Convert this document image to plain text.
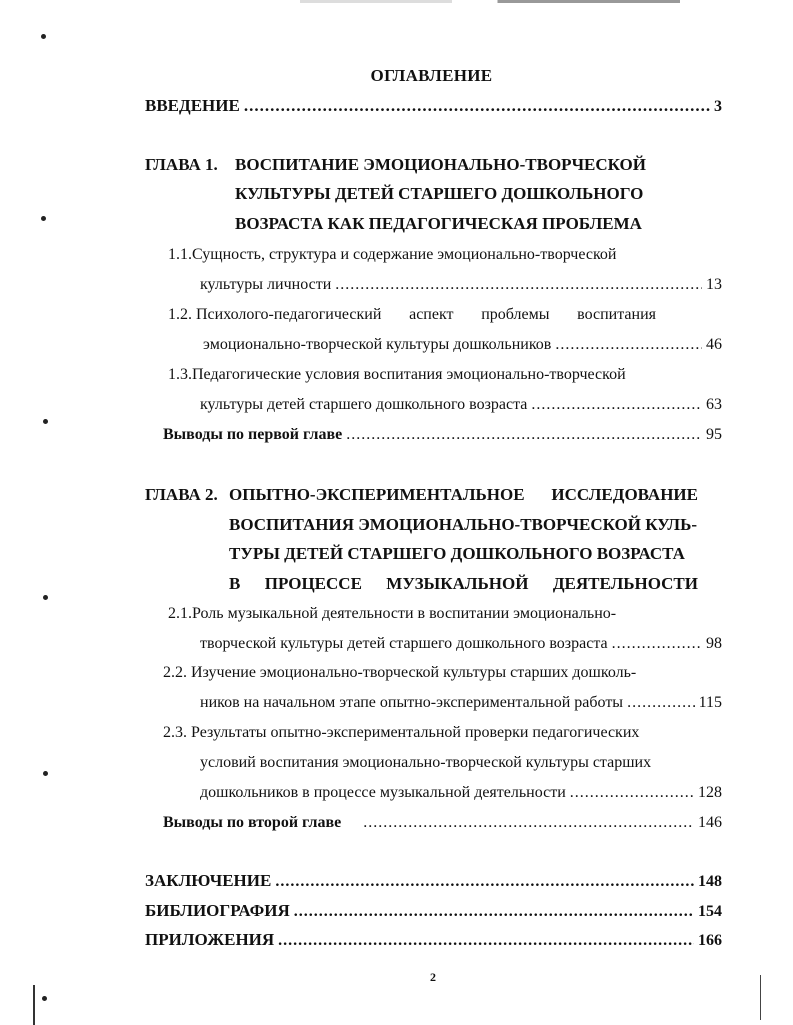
ОГЛАВЛЕНИЕ
ВВЕДЕНИЕ .....	3
ГЛАВА 1. ВОСПИТАНИЕ ЭМОЦИОНАЛЬНО-ТВОРЧЕСКОЙ
КУЛЬТУРЫ ДЕТЕЙ СТАРШЕГО ДОШКОЛЬНОГО
ВОЗРАСТА КАК ПЕДАГОГИЧЕСКАЯ ПРОБЛЕМА
1.1.Сущность, структура и содержание эмоционально-творческой
культуры личности .....	13
1.2. Психолого-педагогический аспект проблемы воспитания
эмоционально-творческой культуры дошкольников .....	46
1.3.Педагогические условия воспитания эмоционально-творческой
культуры детей старшего дошкольного возраста .....	63
Выводы по первой главе .....	95
ГЛАВА 2. ОПЫТНО-ЭКСПЕРИМЕНТАЛЬНОЕ ИССЛЕДОВАНИЕ
ВОСПИТАНИЯ ЭМОЦИОНАЛЬНО-ТВОРЧЕСКОЙ КУЛЬ-
ТУРЫ ДЕТЕЙ СТАРШЕГО ДОШКОЛЬНОГО ВОЗРАСТА
В ПРОЦЕССЕ МУЗЫКАЛЬНОЙ ДЕЯТЕЛЬНОСТИ
2.1.Роль музыкальной деятельности в воспитании эмоционально-
творческой культуры детей старшего дошкольного возраста .....	98
2.2. Изучение эмоционально-творческой культуры старших дошколь-
ников на начальном этапе опытно-экспериментальной работы .....	115
2.3. Результаты опытно-экспериментальной проверки педагогических
условий воспитания эмоционально-творческой культуры старших
дошкольников в процессе музыкальной деятельности .....	128
Выводы по второй главе .....	146
ЗАКЛЮЧЕНИЕ .....	148
БИБЛИОГРАФИЯ .....	154
ПРИЛОЖЕНИЯ .....	166
2
